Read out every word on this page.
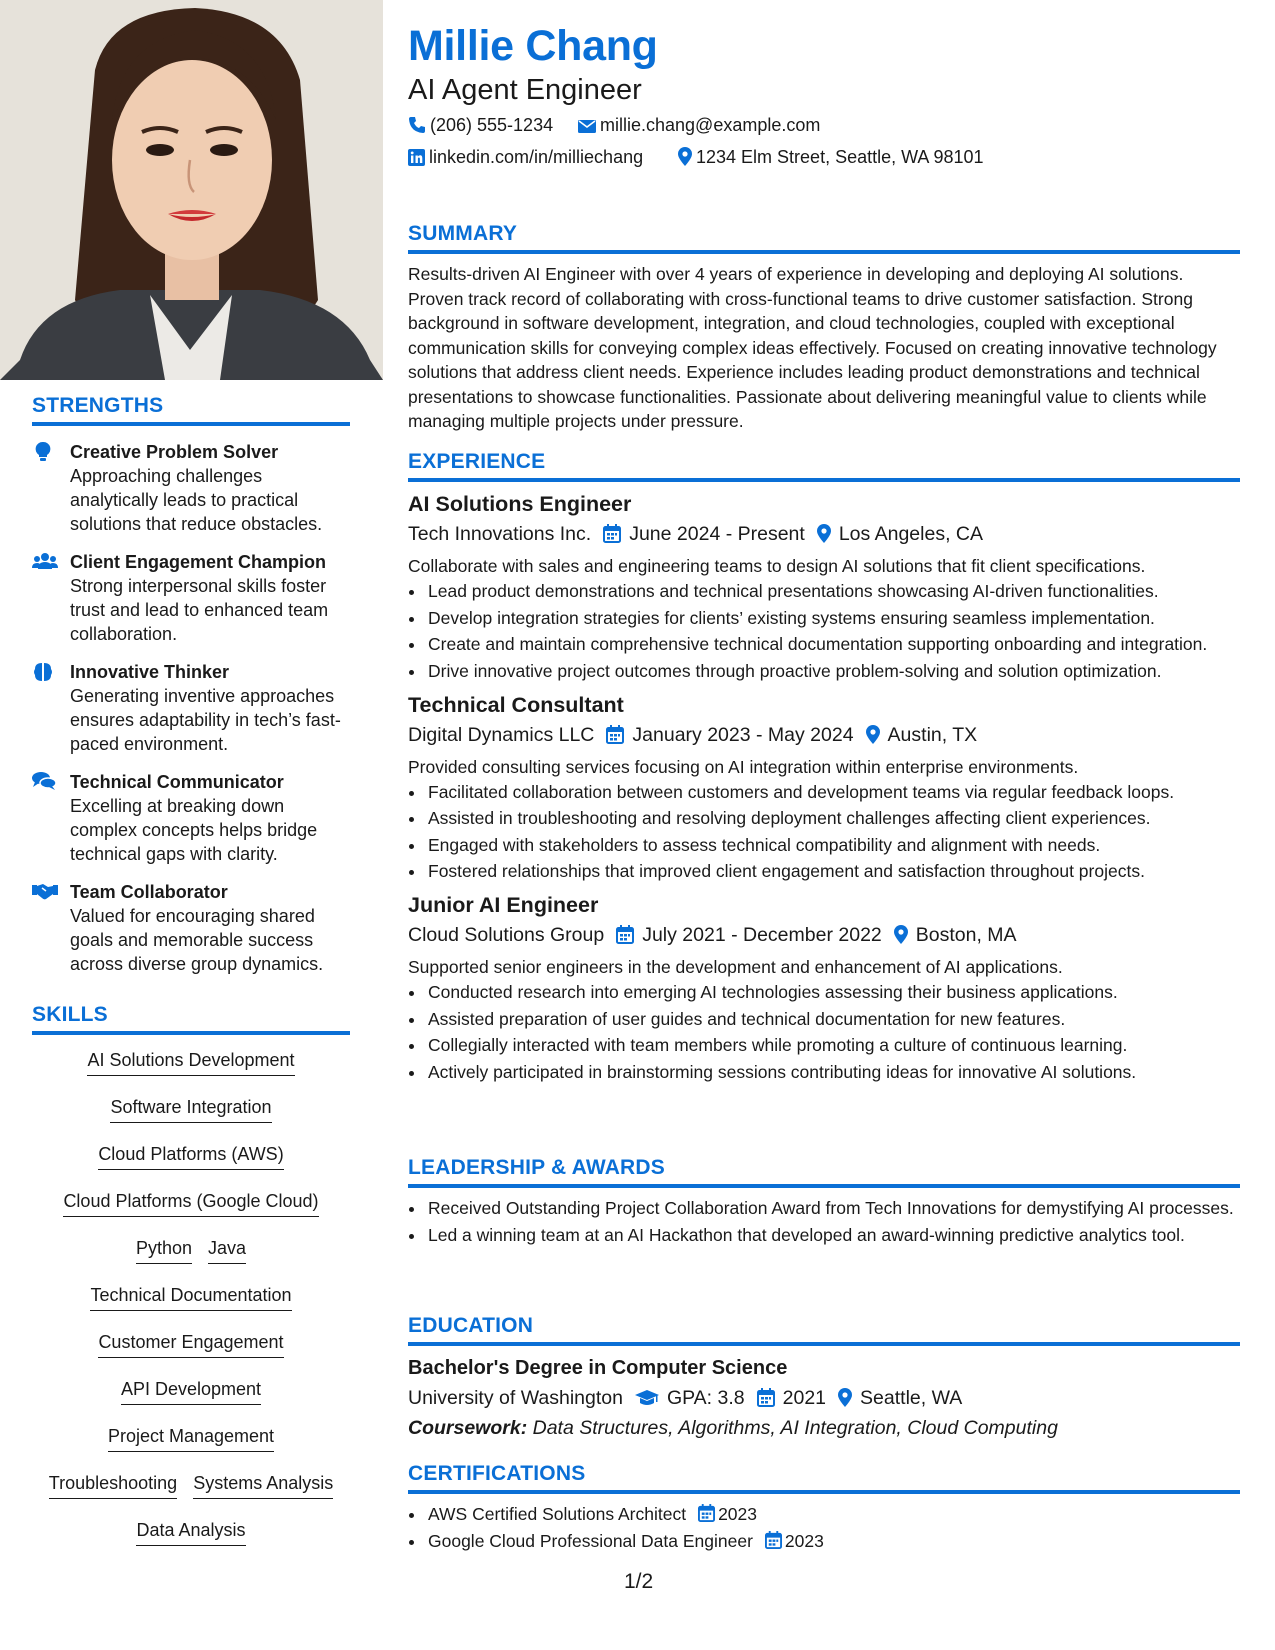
STRENGTHS
Creative Problem Solver
Approaching challenges analytically leads to practical solutions that reduce obstacles.
Client Engagement Champion
Strong interpersonal skills foster trust and lead to enhanced team collaboration.
Innovative Thinker
Generating inventive approaches ensures adaptability in tech’s fast-paced environment.
Technical Communicator
Excelling at breaking down complex concepts helps bridge technical gaps with clarity.
Team Collaborator
Valued for encouraging shared goals and memorable success across diverse group dynamics.
SKILLS
AI Solutions Development
Software Integration
Cloud Platforms (AWS)
Cloud Platforms (Google Cloud)
Python Java
Technical Documentation
Customer Engagement
API Development
Project Management
Troubleshooting Systems Analysis
Data Analysis
Millie Chang
AI Agent Engineer
(206) 555-1234	millie.chang@example.com
linkedin.com/in/milliechang	1234 Elm Street, Seattle, WA 98101
SUMMARY
Results-driven AI Engineer with over 4 years of experience in developing and deploying AI solutions. Proven track record of collaborating with cross-functional teams to drive customer satisfaction. Strong background in software development, integration, and cloud technologies, coupled with exceptional communication skills for conveying complex ideas effectively. Focused on creating innovative technology solutions that address client needs. Experience includes leading product demonstrations and technical presentations to showcase functionalities. Passionate about delivering meaningful value to clients while managing multiple projects under pressure.
EXPERIENCE
AI Solutions Engineer
Tech Innovations Inc. June 2024 - Present Los Angeles, CA
Collaborate with sales and engineering teams to design AI solutions that fit client specifications.
• Lead product demonstrations and technical presentations showcasing AI-driven functionalities.
• Develop integration strategies for clients’ existing systems ensuring seamless implementation.
• Create and maintain comprehensive technical documentation supporting onboarding and integration.
• Drive innovative project outcomes through proactive problem-solving and solution optimization.
Technical Consultant
Digital Dynamics LLC January 2023 - May 2024 Austin, TX
Provided consulting services focusing on AI integration within enterprise environments.
• Facilitated collaboration between customers and development teams via regular feedback loops.
• Assisted in troubleshooting and resolving deployment challenges affecting client experiences.
• Engaged with stakeholders to assess technical compatibility and alignment with needs.
• Fostered relationships that improved client engagement and satisfaction throughout projects.
Junior AI Engineer
Cloud Solutions Group July 2021 - December 2022 Boston, MA
Supported senior engineers in the development and enhancement of AI applications.
• Conducted research into emerging AI technologies assessing their business applications.
• Assisted preparation of user guides and technical documentation for new features.
• Collegially interacted with team members while promoting a culture of continuous learning.
• Actively participated in brainstorming sessions contributing ideas for innovative AI solutions.
LEADERSHIP & AWARDS
• Received Outstanding Project Collaboration Award from Tech Innovations for demystifying AI processes.
• Led a winning team at an AI Hackathon that developed an award-winning predictive analytics tool.
EDUCATION
Bachelor's Degree in Computer Science
University of Washington GPA: 3.8 2021 Seattle, WA
Coursework: Data Structures, Algorithms, AI Integration, Cloud Computing
CERTIFICATIONS
• AWS Certified Solutions Architect 2023
• Google Cloud Professional Data Engineer 2023
1/2
